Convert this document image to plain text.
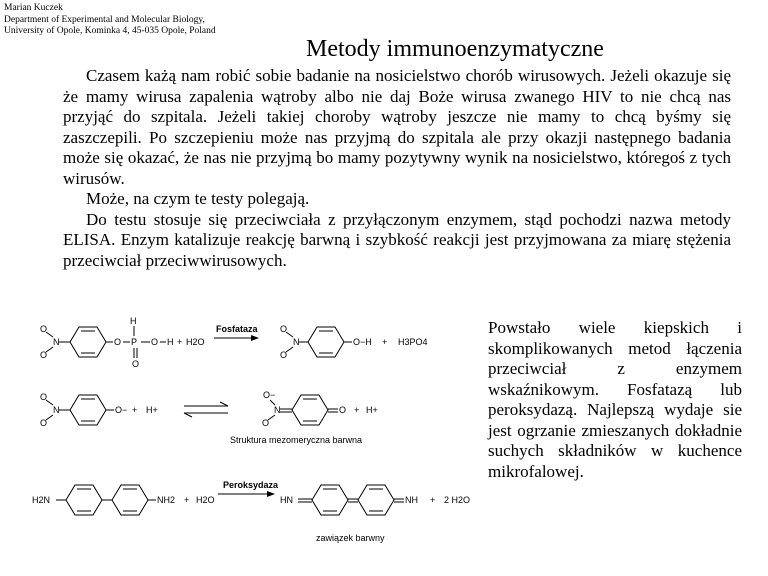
Marian Kuczek
Department of Experimental and Molecular Biology,
University of Opole, Kominka 4, 45-035 Opole, Poland
Metody immunoenzymatyczne

Czasem każą nam robić sobie badanie na nosicielstwo chorób wirusowych. Jeżeli okazuje się że mamy wirusa zapalenia wątroby albo nie daj Boże wirusa zwanego HIV to nie chcą nas przyjąć do szpitala. Jeżeli takiej choroby wątroby jeszcze nie mamy to chcą byśmy się zaszczepili. Po szczepieniu może nas przyjmą do szpitala ale przy okazji następnego badania może się okazać, że nas nie przyjmą bo mamy pozytywny wynik na nosicielstwo, któregoś z tych wirusów.

Może, na czym te testy polegają.

Do testu stosuje się przeciwciała z przyłączonym enzymem, stąd pochodzi nazwa metody ELISA. Enzym katalizuje reakcję barwną i szybkość reakcji jest przyjmowana za miarę stężenia przeciwciał przeciwwirusowych.

Powstało wiele kiepskich i skomplikowanych metod łączenia przeciwciał z enzymem wskaźnikowym. Fosfatazą lub peroksydazą. Najlepszą wydaje sie jest ogrzanie zmieszanych dokładnie suchych składników w kuchence mikrofalowej.
O
O
N	O
H
P
O
O H + H2O
Fosfataza O
O
N	O−H + H3PO4
O
O
N	O− + H+
O−
O
N	O + H+
Struktura mezomeryczna barwna
H2N	NH2 + H2O
Peroksydaza
HN	NH + 2 H2O
zawiązek barwny
